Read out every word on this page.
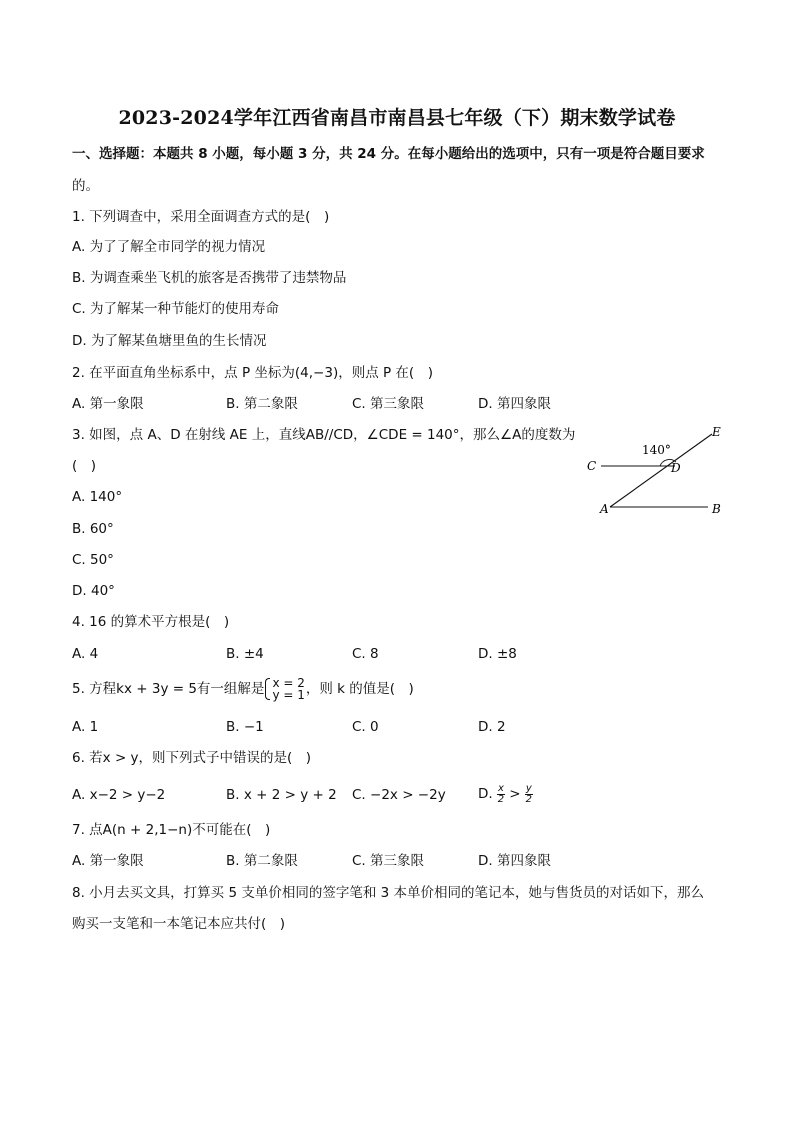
2023-2024学年江西省南昌市南昌县七年级（下）期末数学试卷
一、选择题：本题共 8 小题，每小题 3 分，共 24 分。在每小题给出的选项中，只有一项是符合题目要求
的。
1. 下列调查中，采用全面调查方式的是(　)
A. 为了了解全市同学的视力情况
B. 为调查乘坐飞机的旅客是否携带了违禁物品
C. 为了解某一种节能灯的使用寿命
D. 为了解某鱼塘里鱼的生长情况
2. 在平面直角坐标系中，点 P 坐标为(4,−3)，则点 P 在(　)
A. 第一象限	B. 第二象限	C. 第三象限	D. 第四象限
3. 如图，点 A、D 在射线 AE 上，直线AB//CD，∠CDE = 140°，那么∠A的度数为
(　)
A. 140°
B. 60°
C. 50°
D. 40°
140°
E
C	D
A	B
4. 16 的算术平方根是(　)
A. 4	B. ±4	C. 8	D. ±8
5. 方程kx + 3y = 5有一组解是 x = 2
y = 1 ，则 k 的值是(　)
A. 1	B. −1	C. 0	D. 2
6. 若x > y，则下列式子中错误的是(　)
A. x−2 > y−2	B. x + 2 > y + 2 C. −2x > −2y D. $\frac{x}{2} > \frac{y}{2}$
7. 点A(n + 2,1−n)不可能在(　)
A. 第一象限	B. 第二象限	C. 第三象限	D. 第四象限
8. 小月去买文具，打算买 5 支单价相同的签字笔和 3 本单价相同的笔记本，她与售货员的对话如下，那么
购买一支笔和一本笔记本应共付(　)
